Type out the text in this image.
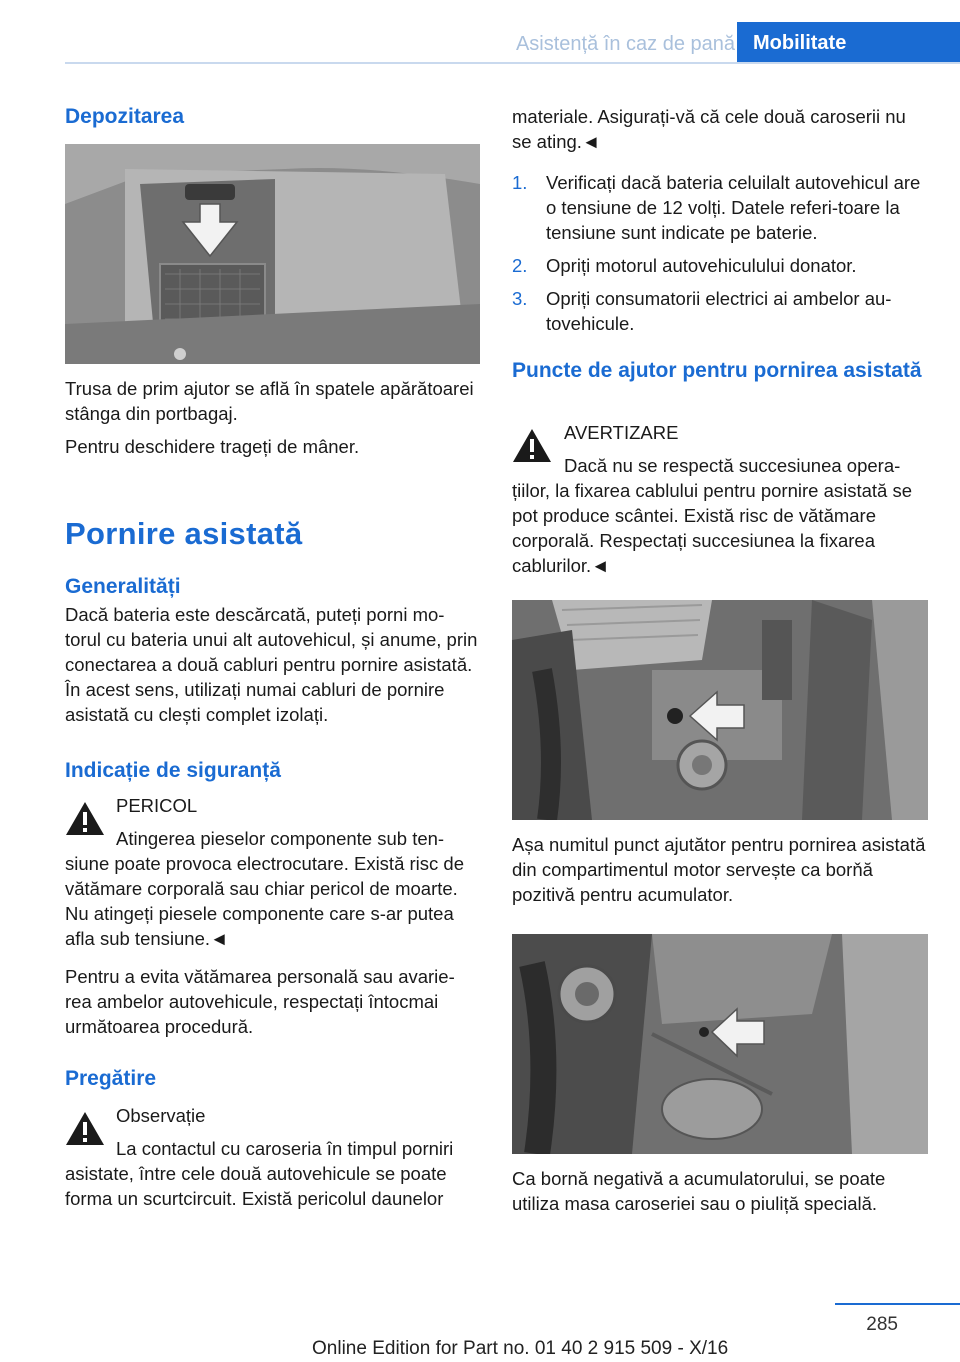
Asistență în caz de pană Mobilitate
Depozitarea
Trusa de prim ajutor se află în spatele apărătoarei stânga din portbagaj.
Pentru deschidere trageți de mâner.
Pornire asistată
Generalități
Dacă bateria este descărcată, puteți porni mo-torul cu bateria unui alt autovehicul, și anume, prin conectarea a două cabluri pentru pornire asistată. În acest sens, utilizați numai cabluri de pornire asistată cu clești complet izolați.
Indicație de siguranță
PERICOL
Atingerea pieselor componente sub ten-
siune poate provoca electrocutare. Există risc de vătămare corporală sau chiar pericol de moarte. Nu atingeți piesele componente care s-ar putea afla sub tensiune.◄
Pentru a evita vătămarea personală sau avarie-rea ambelor autovehicule, respectați întocmai următoarea procedură.
Pregătire
Observație
La contactul cu caroseria în timpul porniri
asistate, între cele două autovehicule se poate forma un scurtcircuit. Există pericolul daunelor
materiale. Asigurați-vă că cele două caroserii nu se ating.◄
1. Verificați dacă bateria celuilalt autovehicul are o tensiune de 12 volți. Datele referi-toare la tensiune sunt indicate pe baterie.
2. Opriți motorul autovehiculului donator.
3. Opriți consumatorii electrici ai ambelor au-tovehicule.
Puncte de ajutor pentru pornirea asistată
AVERTIZARE
Dacă nu se respectă succesiunea opera-
țiilor, la fixarea cablului pentru pornire asistată se pot produce scântei. Există risc de vătămare corporală. Respectați succesiunea la fixarea cablurilor.◄
Așa numitul punct ajutător pentru pornirea asistată din compartimentul motor servește ca borňă pozitivă pentru acumulator.
Ca bornă negativă a acumulatorului, se poate utiliza masa caroseriei sau o piuliță specială.
285
Online Edition for Part no. 01 40 2 915 509 - X/16
